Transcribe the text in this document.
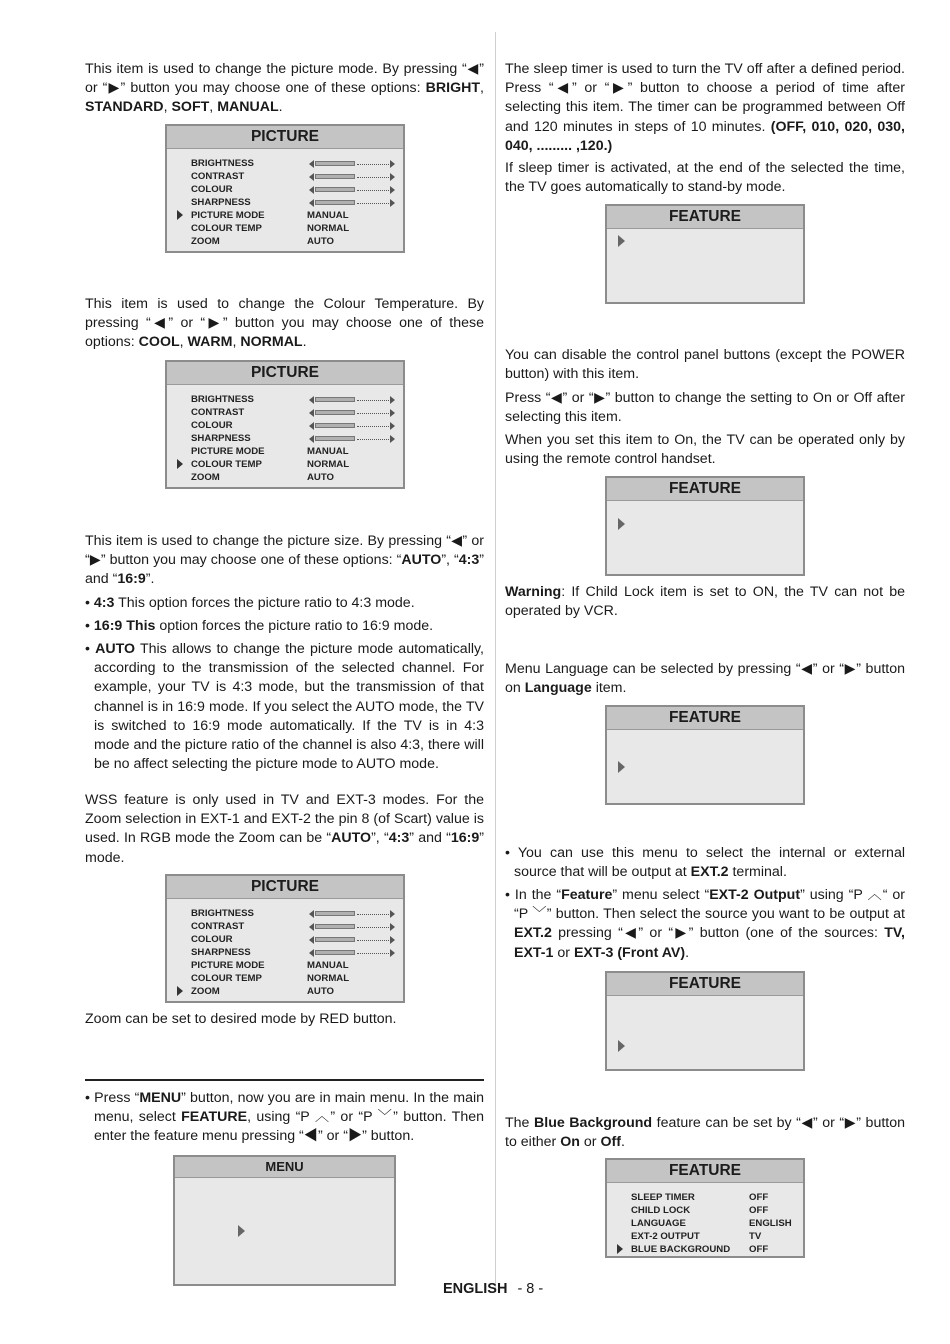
This item is used to change the picture mode. By pressing “◀” or “▶” button you may choose one of these options: BRIGHT, STANDARD, SOFT, MANUAL.

This item is used to change the Colour Temperature. By pressing “◀” or “▶” button you may choose one of these options: COOL, WARM, NORMAL.

This item is used to change the picture size. By pressing “◀” or “▶” button you may choose one of these options: “AUTO”, “4:3” and “16:9”.

• 4:3 This option forces the picture ratio to 4:3 mode.

• 16:9 This option forces the picture ratio to 16:9 mode.

• AUTO This allows to change the picture mode automatically, according to the transmission of the selected channel. For example, your TV is 4:3 mode, but the transmission of that channel is in 16:9 mode. If you select the AUTO mode, the TV is switched to 16:9 mode automatically. If the TV is in 4:3 mode and the picture ratio of the channel is also 4:3, there will be no affect selecting the picture mode to AUTO mode.

WSS feature is only used in TV and EXT-3 modes. For the Zoom selection in EXT-1 and EXT-2 the pin 8 (of Scart) value is used. In RGB mode the Zoom can be “AUTO”, “4:3” and “16:9” mode.

Zoom can be set to desired mode by RED button.

• Press “MENU” button, now you are in main menu. In the main menu, select FEATURE, using “P ︿” or “P ﹀” button. Then enter the feature menu pressing “◀” or “▶” button.

PICTURE
BRIGHTNESS
CONTRAST
COLOUR
SHARPNESS
PICTURE MODE	MANUAL
COLOUR TEMP	NORMAL
ZOOM	AUTO
PICTURE
BRIGHTNESS
CONTRAST
COLOUR
SHARPNESS
PICTURE MODE	MANUAL
COLOUR TEMP	NORMAL
ZOOM	AUTO
PICTURE
BRIGHTNESS
CONTRAST
COLOUR
SHARPNESS
PICTURE MODE	MANUAL
COLOUR TEMP	NORMAL
ZOOM	AUTO
MENU

The sleep timer is used to turn the TV off after a defined period. Press “◀” or “▶” button to choose a period of time after selecting this item. The timer can be programmed between Off and 120 minutes in steps of 10 minutes. (OFF, 010, 020, 030, 040, ......... ,120.)

If sleep timer is activated, at the end of the selected the time, the TV goes automatically to stand-by mode.

You can disable the control panel buttons (except the POWER button) with this item.

Press “◀” or “▶” button to change the setting to On or Off after selecting this item.

When you set this item to On, the TV can be operated only by using the remote control handset.

Warning: If Child Lock item is set to ON, the TV can not be operated by VCR.

Menu Language can be selected by pressing “◀” or “▶” button on Language item.

• You can use this menu to select the internal or external source that will be output at EXT.2 terminal.

• In the “Feature” menu select “EXT-2 Output” using “P ︿“ or “P ﹀” button. Then select the source you want to be output at EXT.2 pressing “◀” or “▶” button (one of the sources: TV, EXT-1 or EXT-3 (Front AV).

The Blue Background feature can be set by “◀” or “▶” button to either On or Off.

FEATURE
FEATURE
FEATURE
FEATURE
FEATURE
SLEEP TIMER	OFF
CHILD LOCK	OFF
LANGUAGE	ENGLISH
EXT-2 OUTPUT	TV
BLUE BACKGROUND OFF
ENGLISH - 8 -
